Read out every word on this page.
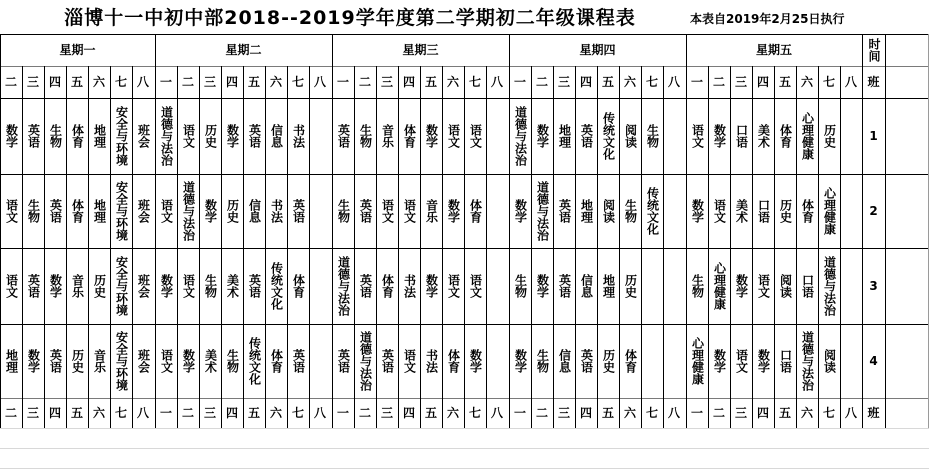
淄博十一中初中部2018--2019学年度第二学期初二年级课程表	本表自2019年2月25日执行
星期一	星期二	星期三	星期四	星期五	时间
二 三 四 五 六 七 八 一 二 三 四 五 六 七 八 一 二 三 四 五 六 七 八 一 二 三 四 五 六 七 八 一 二 三 四 五 六 七 八 班
二 三 四 五 六 七 八 一 二 三 四 五 六 七 八 一 二 三 四 五 六 七 八 一 二 三 四 五 六 七 八 一 二 三 四 五 六 七 八 班
数学 英语 生物 体育 地理 安全与环境 班会 道德与法治 语文 历史 数学 英语 信息 书法	英语 生物 音乐 体育 数学 语文 语文	道德与法治 数学 地理 英语 传统文化 阅读 生物	语文 数学 口语 美术 体育 心理健康 历史	1
语文 生物 英语 体育 地理 安全与环境 班会 语文 道德与法治 数学 历史 信息 书法 英语	生物 英语 语文 语文 音乐 数学 体育	数学 道德与法治 英语 地理 阅读 生物 传统文化	数学 语文 美术 口语 历史 体育 心理健康	2
语文 英语 数学 音乐 历史 安全与环境 班会 数学 语文 生物 美术 英语 传统文化 体育	道德与法治 英语 体育 书法 数学 语文 语文	生物 数学 英语 信息 地理 历史	生物 心理健康 数学 语文 阅读 口语 道德与法治	3
地理 数学 英语 历史 音乐 安全与环境 班会 语文 数学 美术 生物 传统文化 体育 英语	英语 道德与法治 英语 语文 书法 体育 数学	数学 生物 信息 英语 历史 体育	心理健康 数学 语文 数学 口语 道德与法治 阅读	4
